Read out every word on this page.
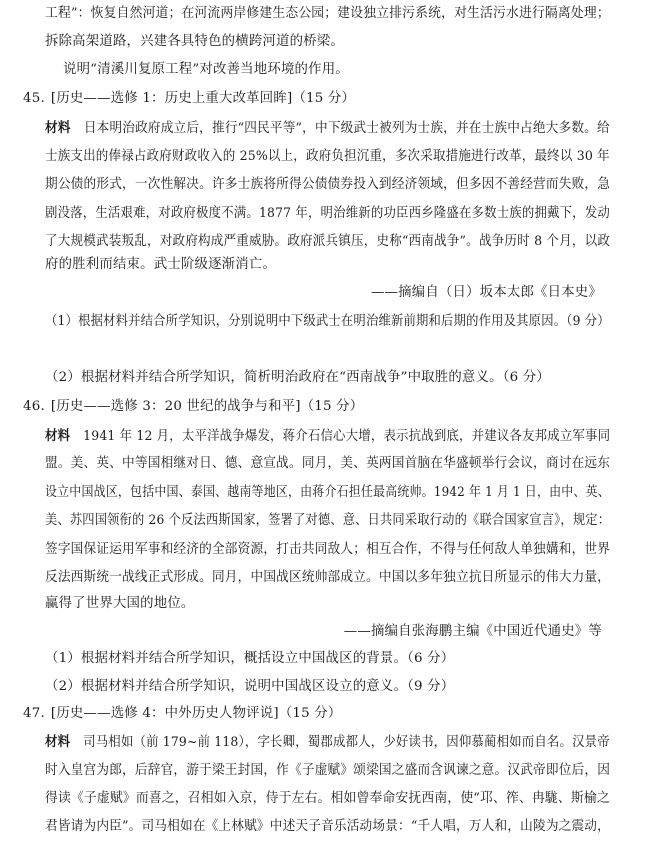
工程”：恢复自然河道；在河流两岸修建生态公园；建设独立排污系统，对生活污水进行隔离处理；
拆除高架道路，兴建各具特色的横跨河道的桥梁。
说明“清溪川复原工程”对改善当地环境的作用。
45. [历史——选修 1：历史上重大改革回眸]（15 分）
材料 日本明治政府成立后，推行“四民平等”，中下级武士被列为士族，并在士族中占绝大多数。给
士族支出的俸禄占政府财政收入的 25%以上，政府负担沉重，多次采取措施进行改革，最终以 30 年
期公债的形式，一次性解决。许多士族将所得公债债券投入到经济领域，但多因不善经营而失败，急
剧没落，生活艰难，对政府极度不满。1877 年，明治维新的功臣西乡隆盛在多数士族的拥戴下，发动
了大规模武装叛乱，对政府构成严重威胁。政府派兵镇压，史称“西南战争”。战争历时 8 个月，以政
府的胜利而结束。武士阶级逐渐消亡。
——摘编自（日）坂本太郎《日本史》
（1）根据材料并结合所学知识，分别说明中下级武士在明治维新前期和后期的作用及其原因。（9 分）
（2）根据材料并结合所学知识，简析明治政府在“西南战争”中取胜的意义。（6 分）
46. [历史——选修 3：20 世纪的战争与和平]（15 分）
材料 1941 年 12 月，太平洋战争爆发，蒋介石信心大增，表示抗战到底，并建议各友邦成立军事同
盟。美、英、中等国相继对日、德、意宣战。同月，美、英两国首脑在华盛顿举行会议，商讨在远东
设立中国战区，包括中国、泰国、越南等地区，由蒋介石担任最高统帅。1942 年 1 月 1 日，由中、英、
美、苏四国领衔的 26 个反法西斯国家，签署了对德、意、日共同采取行动的《联合国家宣言》，规定：
签字国保证运用军事和经济的全部资源，打击共同敌人；相互合作，不得与任何敌人单独媾和，世界
反法西斯统一战线正式形成。同月，中国战区统帅部成立。中国以多年独立抗日所显示的伟大力量，
赢得了世界大国的地位。
——摘编自张海鹏主编《中国近代通史》等
（1）根据材料并结合所学知识，概括设立中国战区的背景。（6 分）
（2）根据材料并结合所学知识，说明中国战区设立的意义。（9 分）
47. [历史——选修 4：中外历史人物评说]（15 分）
材料 司马相如（前 179~前 118），字长卿，蜀郡成都人，少好读书，因仰慕蔺相如而自名。汉景帝
时入皇宫为郎，后辞官，游于梁王封国，作《子虚赋》颂梁国之盛而含讽谏之意。汉武帝即位后，因
得读《子虚赋》而喜之，召相如入京，侍于左右。相如曾奉命安抚西南，使“邛、筰、冉駹、斯榆之
君皆请为内臣”。司马相如在《上林赋》中述天子音乐活动场景：“千人唱，万人和，山陵为之震动，
